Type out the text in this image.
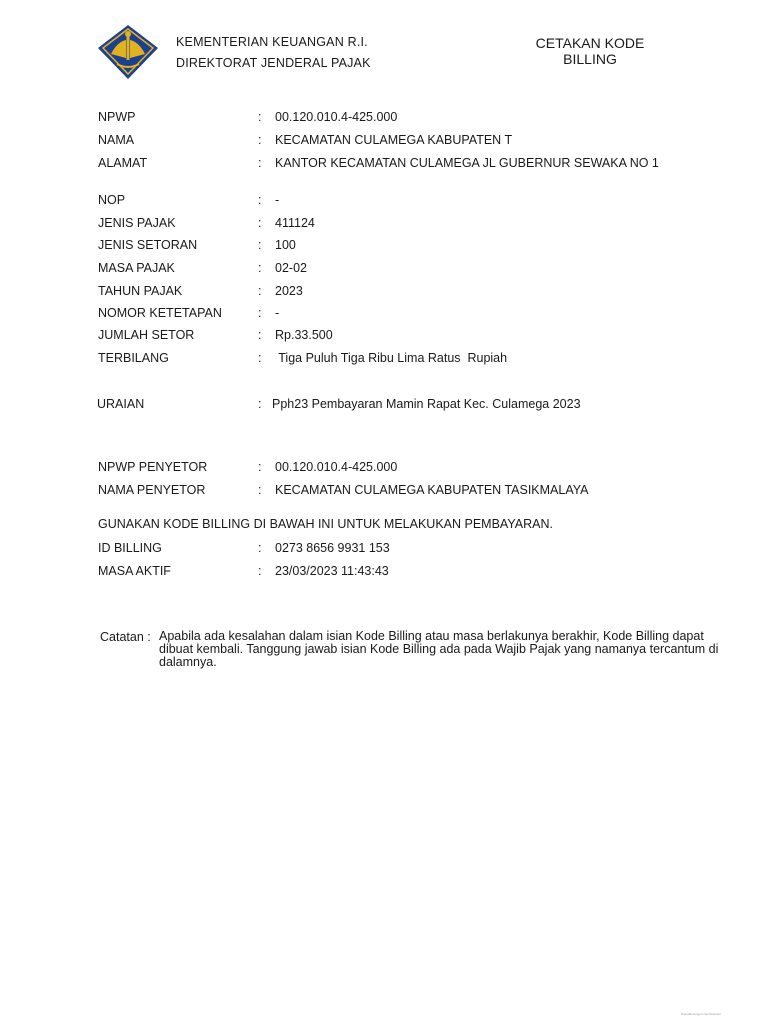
KEMENTERIAN KEUANGAN R.I.
DIREKTORAT JENDERAL PAJAK
CETAKAN KODE
BILLING
NPWP	: 00.120.010.4-425.000
NAMA	: KECAMATAN CULAMEGA KABUPATEN T
ALAMAT	: KANTOR KECAMATAN CULAMEGA JL GUBERNUR SEWAKA NO 1
NOP	: -
JENIS PAJAK	: 411124
JENIS SETORAN	: 100
MASA PAJAK	: 02-02
TAHUN PAJAK	: 2023
NOMOR KETETAPAN	: -
JUMLAH SETOR	: Rp.33.500
TERBILANG	: Tiga Puluh Tiga Ribu Lima Ratus  Rupiah
URAIAN	: Pph23 Pembayaran Mamin Rapat Kec. Culamega 2023
NPWP PENYETOR	: 00.120.010.4-425.000
NAMA PENYETOR	: KECAMATAN CULAMEGA KABUPATEN TASIKMALAYA
GUNAKAN KODE BILLING DI BAWAH INI UNTUK MELAKUKAN PEMBAYARAN.
ID BILLING	: 0273 8656 9931 153
MASA AKTIF	: 23/03/2023 11:43:43
Catatan : Apabila ada kesalahan dalam isian Kode Billing atau masa berlakunya berakhir, Kode Billing dapat dibuat kembali. Tanggung jawab isian Kode Billing ada pada Wajib Pajak yang namanya tercantum di dalamnya.
Dipindai dengan CamScanner
